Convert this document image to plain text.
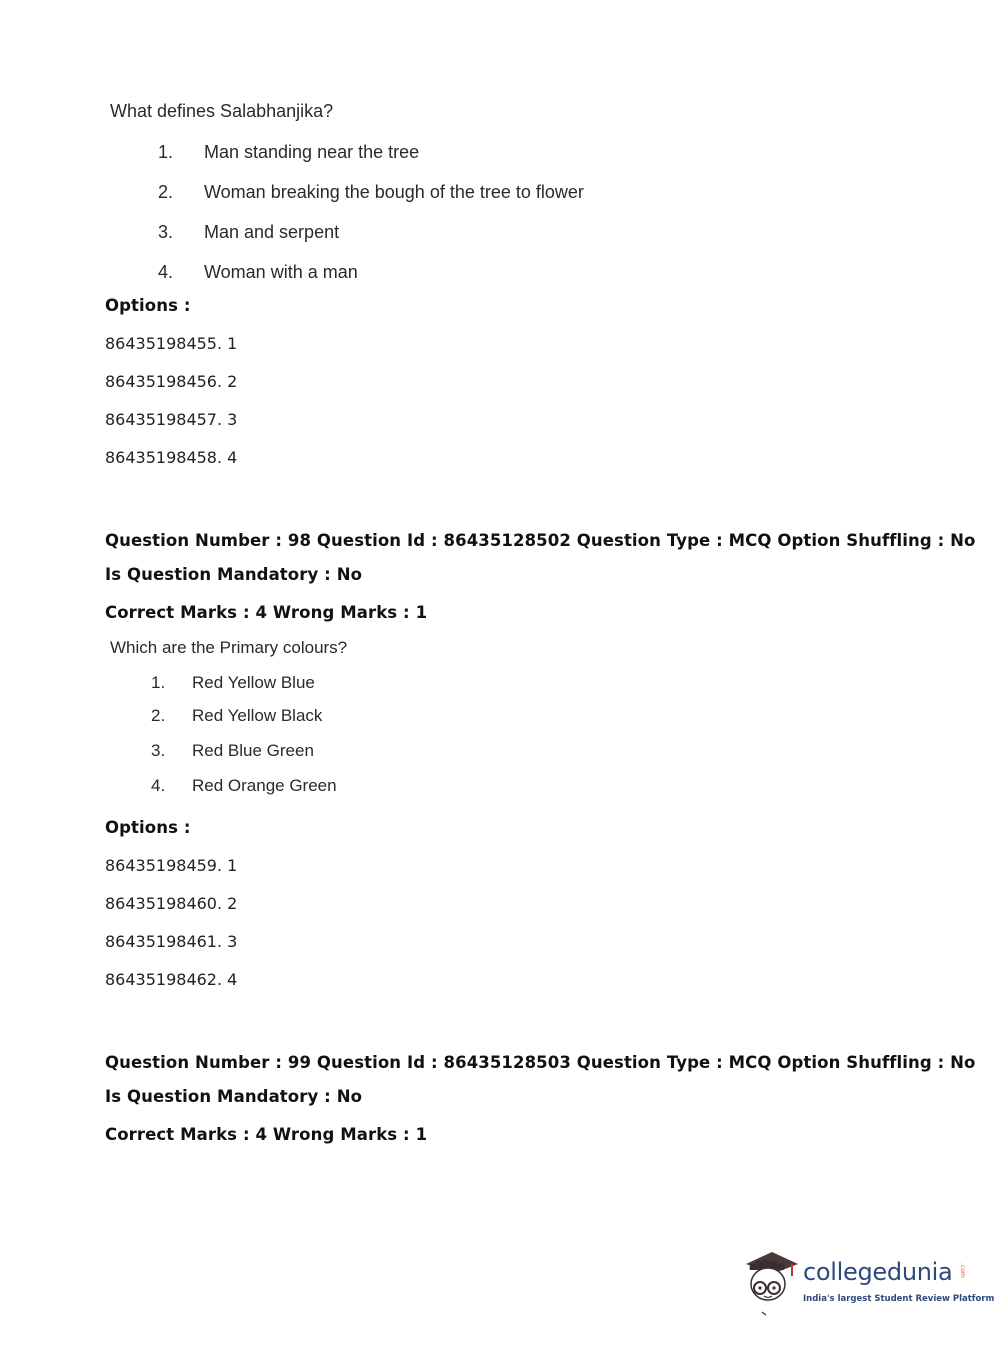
What defines Salabhanjika?
1. Man standing near the tree
2. Woman breaking the bough of the tree to flower
3. Man and serpent
4. Woman with a man
Options :
86435198455. 1
86435198456. 2
86435198457. 3
86435198458. 4
Question Number : 98 Question Id : 86435128502 Question Type : MCQ Option Shuffling : No
Is Question Mandatory : No
Correct Marks : 4 Wrong Marks : 1
Which are the Primary colours?
1. Red Yellow Blue
2. Red Yellow Black
3. Red Blue Green
4. Red Orange Green
Options :
86435198459. 1
86435198460. 2
86435198461. 3
86435198462. 4
Question Number : 99 Question Id : 86435128503 Question Type : MCQ Option Shuffling : No
Is Question Mandatory : No
Correct Marks : 4 Wrong Marks : 1
collegedunia .com
India's largest Student Review Platform
